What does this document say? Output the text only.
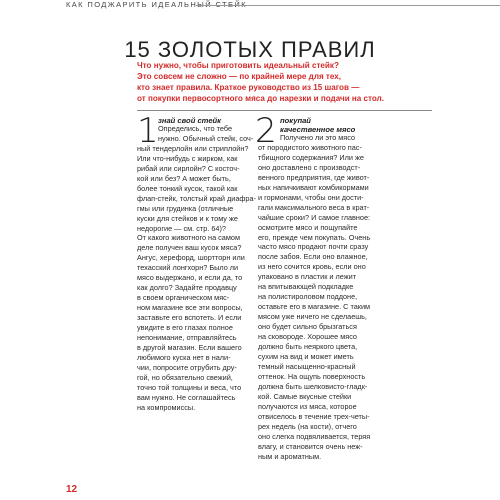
КАК ПОДЖАРИТЬ ИДЕАЛЬНЫЙ СТЕЙК
15 ЗОЛОТЫХ ПРАВИЛ
Что нужно, чтобы приготовить идеальный стейк?
Это совсем не сложно — по крайней мере для тех,
кто знает правила. Краткое руководство из 15 шагов —
от покупки первосортного мяса до нарезки и подачи на стол.
1 знай свой стейк
Определись, что тебе
нужно. Обычный стейк, соч-
ный тендерлойн или стриплойн?
Или что-нибудь с жирком, как
рибай или сирлойн? С косточ-
кой или без? А может быть,
более тонкий кусок, такой как
флап-стейк, толстый край диафра-
гмы или грудинка (отличные
куски для стейков и к тому же
недорогие — см. стр. 64)?
От какого животного на самом
деле получен ваш кусок мяса?
Ангус, херефорд, шортторн или
техасский лонгхорн? Было ли
мясо выдержано, и если да, то
как долго? Задайте продавцу
в своем органическом мяс-
ном магазине все эти вопросы,
заставьте его вспотеть. И если
увидите в его глазах полное
непонимание, отправляйтесь
в другой магазин. Если вашего
любимого куска нет в нали-
чии, попросите отрубить дру-
гой, но обязательно свежий,
точно той толщины и веса, что
вам нужно. Не соглашайтесь
на компромиссы.
2 покупай
качественное мясо
Получено ли это мясо
от породистого животного пас-
тбищного содержания? Или же
оно доставлено с производст-
венного предприятия, где живот-
ных напичкивают комбикормами
и гормонами, чтобы они дости-
гали максимального веса в крат-
чайшие сроки? И самое главное:
осмотрите мясо и пощупайте
его, прежде чем покупать. Очень
часто мясо продают почти сразу
после забоя. Если оно влажное,
из него сочится кровь, если оно
упаковано в пластик и лежит
на впитывающей подкладке
на полистироловом поддоне,
оставьте его в магазине. С таким
мясом уже ничего не сделаешь,
оно будет сильно брызгаться
на сковороде. Хорошее мясо
должно быть неяркого цвета,
сухим на вид и может иметь
темный насыщенно-красный
оттенок. На ощупь поверхность
должна быть шелковисто-гладк-
кой. Самые вкусные стейки
получаются из мяса, которое
отвиселось в течение трех-четы-
рех недель (на кости), отчего
оно слегка подвяливается, теряя
влагу, и становится очень неж-
ным и ароматным.
12
